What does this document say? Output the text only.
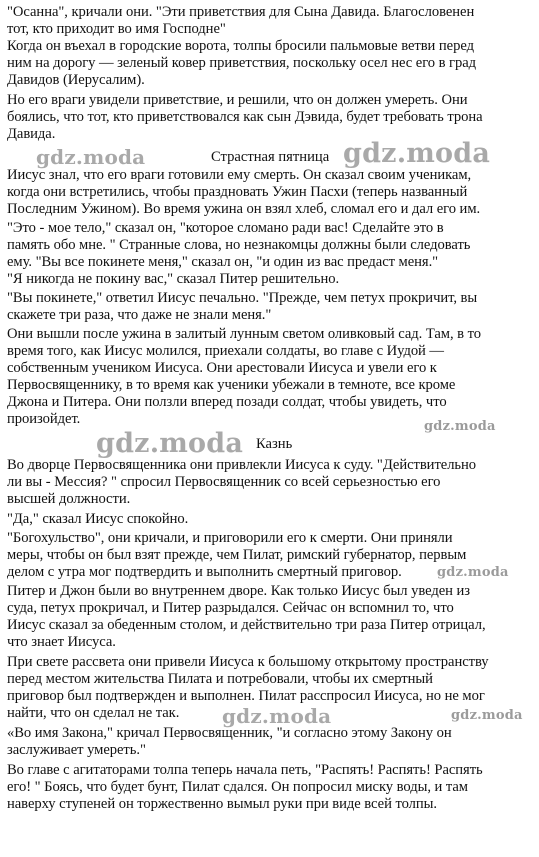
"Осанна", кричали они. "Эти приветствия для Сына Давида. Благословенен
тот, кто приходит во имя Господне"
Когда он въехал в городские ворота, толпы бросили пальмовые ветви перед
ним на дорогу — зеленый ковер приветствия, поскольку осел нес его в град
Давидов (Иерусалим).
Но его враги увидели приветствие, и решили, что он должен умереть. Они
боялись, что тот, кто приветствовался как сын Дэвида, будет требовать трона
Давида.
Страстная пятница
Иисус знал, что его враги готовили ему смерть. Он сказал своим ученикам,
когда они встретились, чтобы праздновать Ужин Пасхи (теперь названный
Последним Ужином). Во время ужина он взял хлеб, сломал его и дал его им.
"Это - мое тело," сказал он, "которое сломано ради вас! Сделайте это в
память обо мне. " Странные слова, но незнакомцы должны были следовать
ему. "Вы все покинете меня," сказал он, "и один из вас предаст меня."
"Я никогда не покину вас," сказал Питер решительно.
"Вы покинете," ответил Иисус печально. "Прежде, чем петух прокричит, вы
скажете три раза, что даже не знали меня."
Они вышли после ужина в залитый лунным светом оливковый сад. Там, в то
время того, как Иисус молился, приехали солдаты, во главе с Иудой —
собственным учеником Иисуса. Они арестовали Иисуса и увели его к
Первосвященнику, в то время как ученики убежали в темноте, все кроме
Джона и Питера. Они ползли вперед позади солдат, чтобы увидеть, что
произойдет.
Казнь
Во дворце Первосвященника они привлекли Иисуса к суду. "Действительно
ли вы - Мессия? " спросил Первосвященник со всей серьезностью его
высшей должности.
"Да," сказал Иисус спокойно.
"Богохульство", они кричали, и приговорили его к смерти. Они приняли
меры, чтобы он был взят прежде, чем Пилат, римский губернатор, первым
делом с утра мог подтвердить и выполнить смертный приговор.
Питер и Джон были во внутреннем дворе. Как только Иисус был уведен из
суда, петух прокричал, и Питер разрыдался. Сейчас он вспомнил то, что
Иисус сказал за обеденным столом, и действительно три раза Питер отрицал,
что знает Иисуса.
При свете рассвета они привели Иисуса к большому открытому пространству
перед местом жительства Пилата и потребовали, чтобы их смертный
приговор был подтвержден и выполнен. Пилат расспросил Иисуса, но не мог
найти, что он сделал не так.
«Во имя Закона," кричал Первосвященник, "и согласно этому Закону он
заслуживает умереть."
Во главе с агитаторами толпа теперь начала петь, "Распять! Распять! Распять
его! " Боясь, что будет бунт, Пилат сдался. Он попросил миску воды, и там
наверху ступеней он торжественно вымыл руки при виде всей толпы.
gdz.moda	gdz.moda
gdz.moda
gdz.moda
gdz.moda
gdz.moda	gdz.moda
